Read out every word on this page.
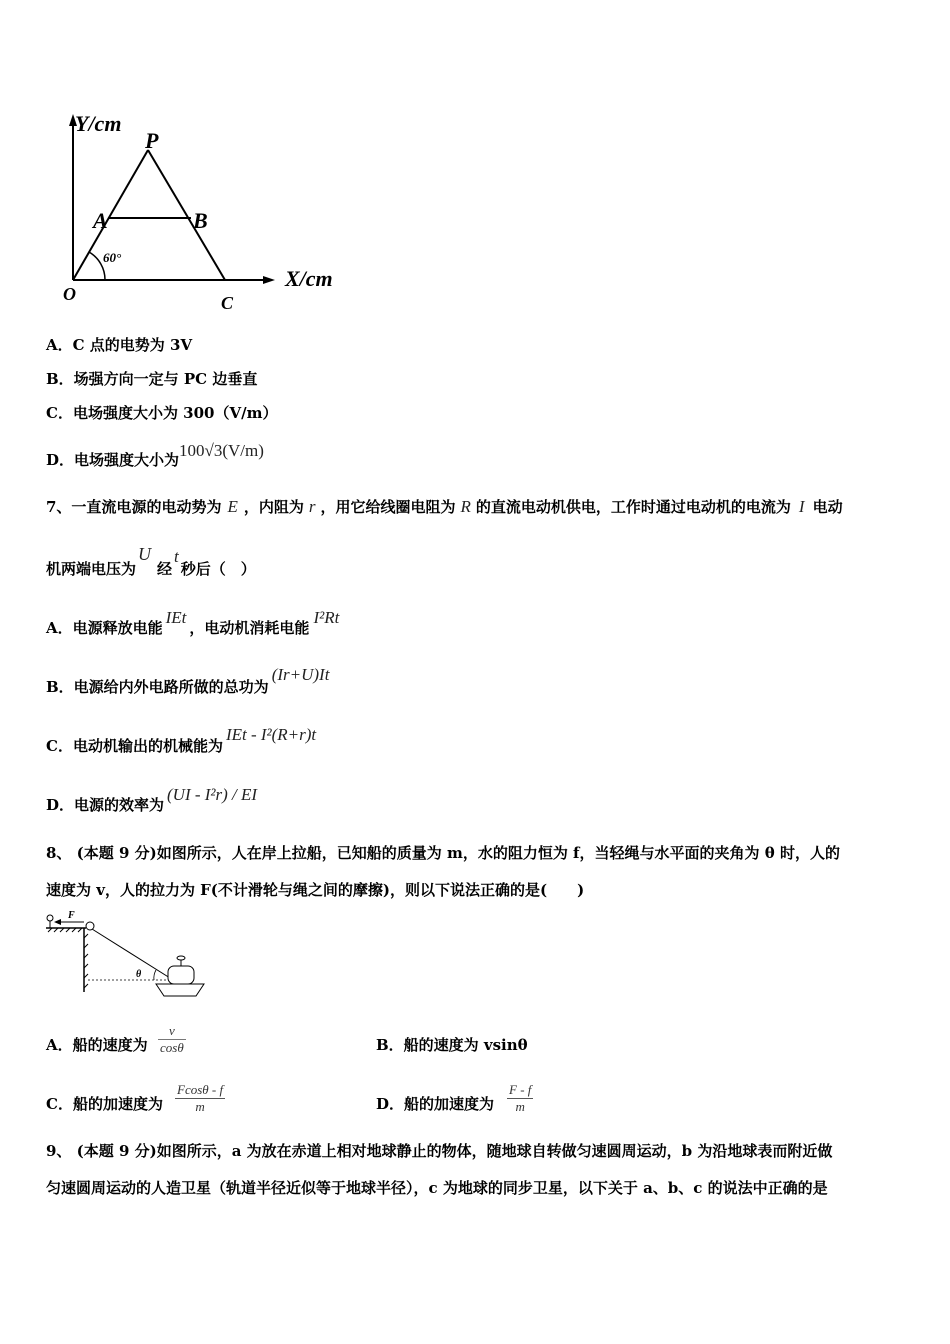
Y/cm
X/cm
P
A	B
O	C
60°
A．C 点的电势为 3V
B．场强方向一定与 PC 边垂直
C．电场强度大小为 300（V/m）
D．电场强度大小为100√3(V/m)
7、一直流电源的电动势为 E ，内阻为 r ，用它给线圈电阻为 R 的直流电动机供电，工作时通过电动机的电流为 I 电动
机两端电压为U经t秒后（　）
A．电源释放电能IEt，电动机消耗电能I²Rt
B．电源给内外电路所做的总功为(Ir+U)It
C．电动机输出的机械能为IEt - I²(R+r)t
D．电源的效率为(UI - I²r) / EI
8、 (本题 9 分)如图所示，人在岸上拉船，已知船的质量为 m，水的阻力恒为 f，当轻绳与水平面的夹角为 θ 时，人的
速度为 v，人的拉力为 F(不计滑轮与绳之间的摩擦)，则以下说法正确的是(　　)
F
θ
A．船的速度为 $\frac{v}{\cos\theta}$	B．船的速度为 vsinθ
C．船的加速度为 $\frac{Fcos\theta - f}{m}$	D．船的加速度为 $\frac{F - f}{m}$
9、 (本题 9 分)如图所示，a 为放在赤道上相对地球静止的物体，随地球自转做匀速圆周运动，b 为沿地球表而附近做
匀速圆周运动的人造卫星（轨道半径近似等于地球半径），c 为地球的同步卫星，以下关于 a、b、c 的说法中正确的是
